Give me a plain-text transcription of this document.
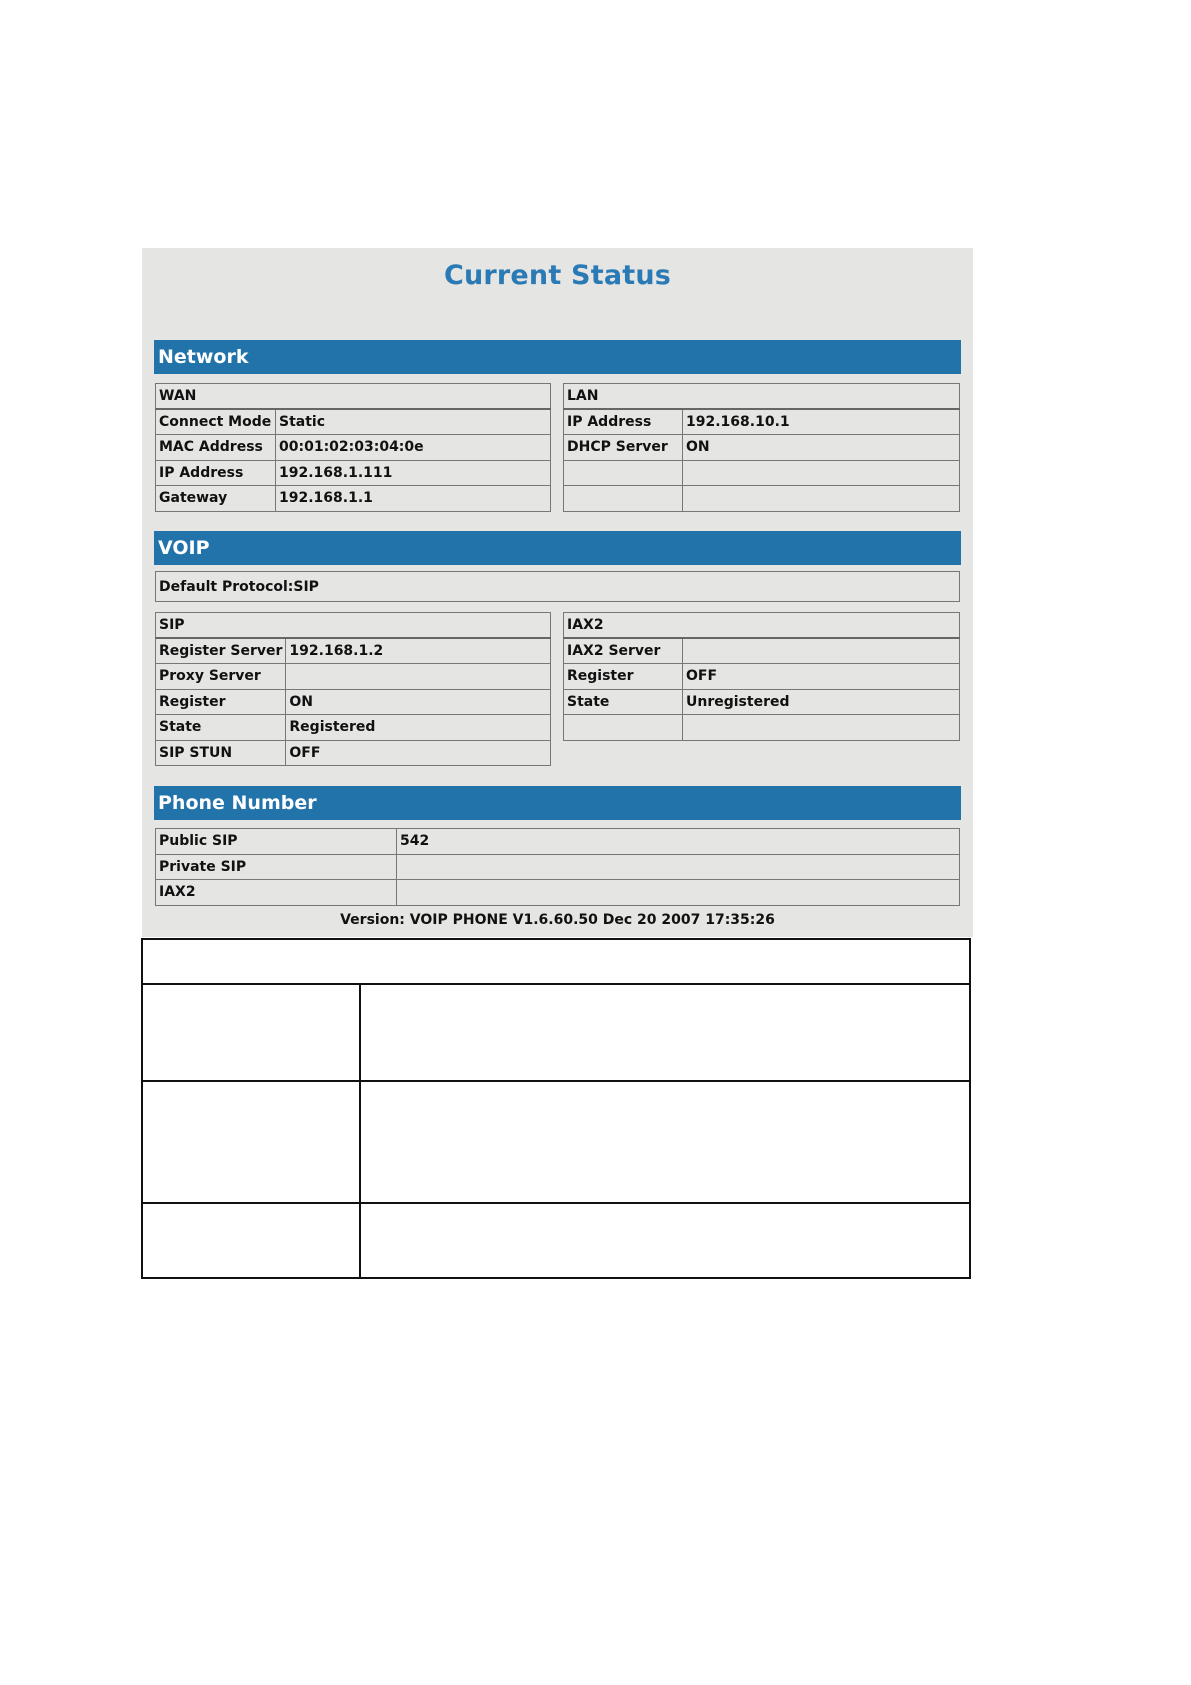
Current Status
Network
WAN	
Connect Mode	Static
MAC Address	00:01:02:03:04:0e
IP Address	192.168.1.111
Gateway	192.168.1.1
LAN	
IP Address	192.168.10.1
DHCP Server	ON

VOIP
Default Protocol:SIP
SIP	
Register Server	192.168.1.2
Proxy Server	
Register	ON
State	Registered
SIP STUN	OFF
IAX2	
IAX2 Server	
Register	OFF
State	Unregistered

Phone Number
Public SIP	542
Private SIP	
IAX2	
Version: VOIP PHONE V1.6.60.50 Dec 20 2007 17:35:26
